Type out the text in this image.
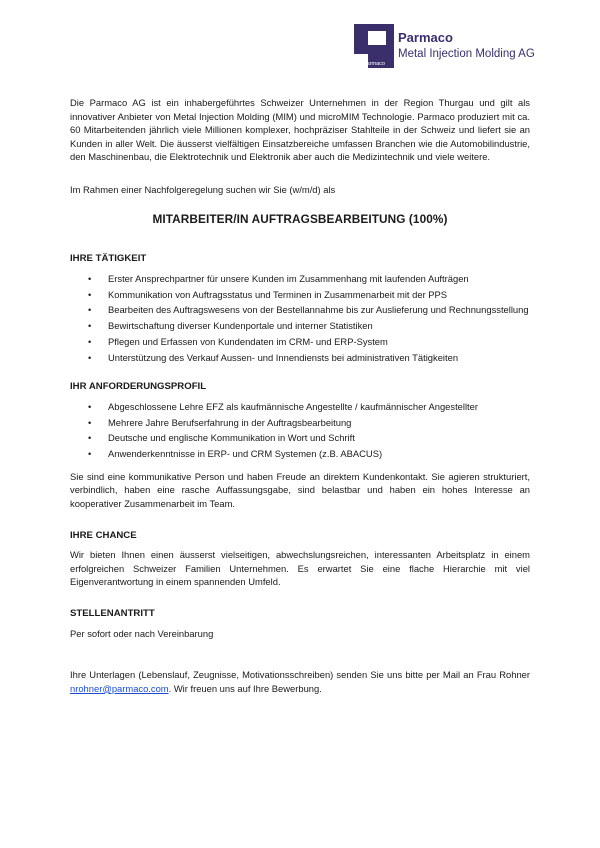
Parmaco
Parmaco
Metal Injection Molding AG

Die Parmaco AG ist ein inhabergeführtes Schweizer Unternehmen in der Region Thurgau und gilt als innovativer Anbieter von Metal Injection Molding (MIM) und microMIM Technologie. Parmaco produziert mit ca. 60 Mitarbeitenden jährlich viele Millionen komplexer, hochpräziser Stahlteile in der Schweiz und liefert sie an Kunden in aller Welt. Die äusserst vielfältigen Einsatzbereiche umfassen Branchen wie die Automobilindustrie, den Maschinenbau, die Elektrotechnik und Elektronik aber auch die Medizintechnik und viele weitere.

Im Rahmen einer Nachfolgeregelung suchen wir Sie (w/m/d) als

MITARBEITER/IN AUFTRAGSBEARBEITUNG (100%)
IHRE TÄTIGKEIT
• Erster Ansprechpartner für unsere Kunden im Zusammenhang mit laufenden Aufträgen
• Kommunikation von Auftragsstatus und Terminen in Zusammenarbeit mit der PPS
• Bearbeiten des Auftragswesens von der Bestellannahme bis zur Auslieferung und Rechnungsstellung
• Bewirtschaftung diverser Kundenportale und interner Statistiken
• Pflegen und Erfassen von Kundendaten im CRM- und ERP-System
• Unterstützung des Verkauf Aussen- und Innendiensts bei administrativen Tätigkeiten
IHR ANFORDERUNGSPROFIL
• Abgeschlossene Lehre EFZ als kaufmännische Angestellte / kaufmännischer Angestellter
• Mehrere Jahre Berufserfahrung in der Auftragsbearbeitung
• Deutsche und englische Kommunikation in Wort und Schrift
• Anwenderkenntnisse in ERP- und CRM Systemen (z.B. ABACUS)

Sie sind eine kommunikative Person und haben Freude an direktem Kundenkontakt. Sie agieren strukturiert, verbindlich, haben eine rasche Auffassungsgabe, sind belastbar und haben ein hohes Interesse an kooperativer Zusammenarbeit im Team.

IHRE CHANCE

Wir bieten Ihnen einen äusserst vielseitigen, abwechslungsreichen, interessanten Arbeitsplatz in einem erfolgreichen Schweizer Familien Unternehmen. Es erwartet Sie eine flache Hierarchie mit viel Eigenverantwortung in einem spannenden Umfeld.

STELLENANTRITT

Per sofort oder nach Vereinbarung

Ihre Unterlagen (Lebenslauf, Zeugnisse, Motivationsschreiben) senden Sie uns bitte per Mail an Frau Rohner nrohner@parmaco.com. Wir freuen uns auf Ihre Bewerbung.
